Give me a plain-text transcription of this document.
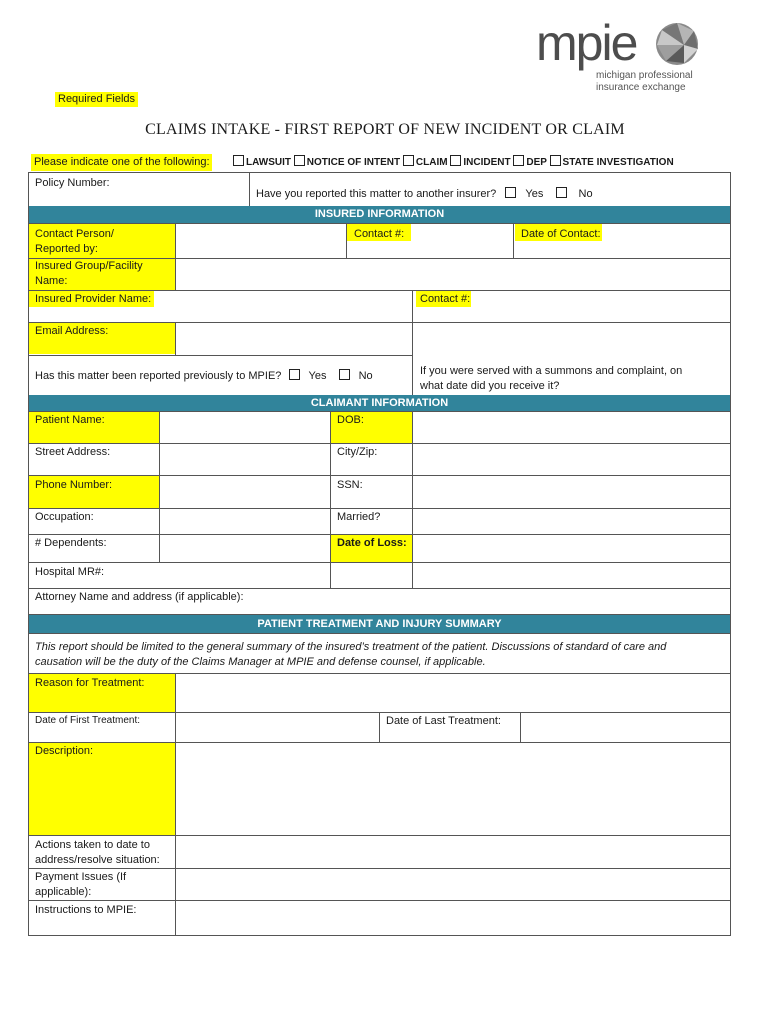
Required Fields
mpie
michigan professional
insurance exchange
CLAIMS INTAKE - FIRST REPORT OF NEW INCIDENT OR CLAIM
Please indicate one of the following:	LAWSUIT NOTICE OF INTENT CLAIM INCIDENT DEP STATE INVESTIGATION
Policy Number:
Have you reported this matter to another insurer?	Yes	No
INSURED INFORMATION
Contact Person/
Reported by:
Contact #:	Date of Contact:
Insured Group/Facility
Name:
Insured Provider Name:	Contact #:
Email Address:
Has this matter been reported previously to MPIE? Yes	No	If you were served with a summons and complaint, on
what date did you receive it?
CLAIMANT INFORMATION
Patient Name:	DOB:
Street Address:	City/Zip:
Phone Number:	SSN:
Occupation:	Married?
# Dependents:	Date of Loss:
Hospital MR#:
Attorney Name and address (if applicable):
PATIENT TREATMENT AND INJURY SUMMARY
This report should be limited to the general summary of the insured’s treatment of the patient. Discussions of standard of care and
causation will be the duty of the Claims Manager at MPIE and defense counsel, if applicable.
Reason for Treatment:
Date of First Treatment:	Date of Last Treatment:
Description:
Actions taken to date to
address/resolve situation:
Payment Issues (If
applicable):
Instructions to MPIE:
